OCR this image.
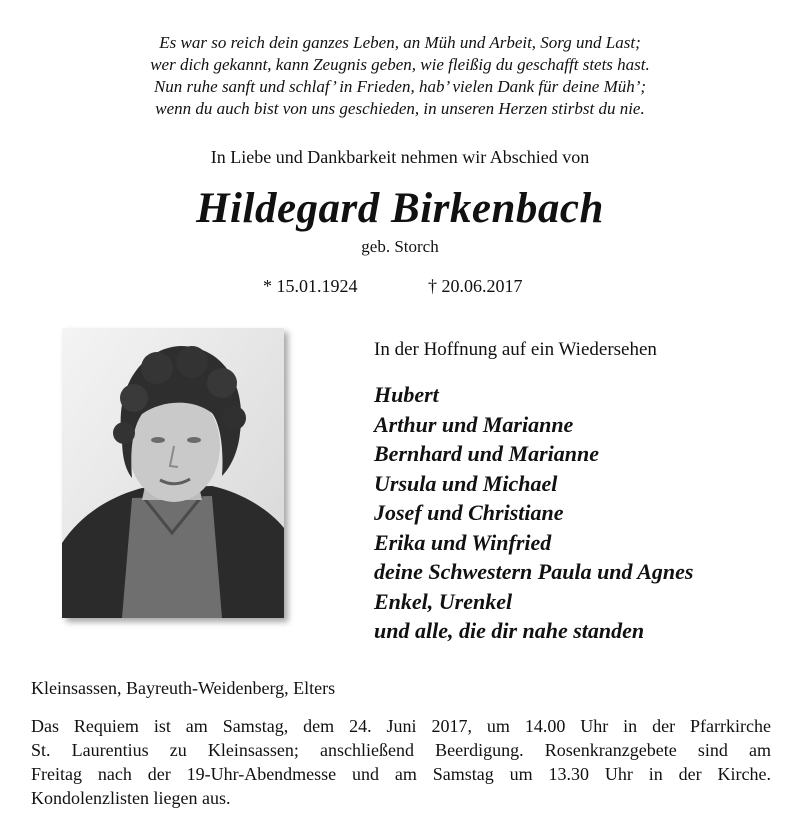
Es war so reich dein ganzes Leben, an Müh und Arbeit, Sorg und Last;
wer dich gekannt, kann Zeugnis geben, wie fleißig du geschafft stets hast.
Nun ruhe sanft und schlaf’ in Frieden, hab’ vielen Dank für deine Müh’;
wenn du auch bist von uns geschieden, in unseren Herzen stirbst du nie.
In Liebe und Dankbarkeit nehmen wir Abschied von
Hildegard Birkenbach
geb. Storch
* 15.01.1924	† 20.06.2017
In der Hoffnung auf ein Wiedersehen
Hubert
Arthur und Marianne
Bernhard und Marianne
Ursula und Michael
Josef und Christiane
Erika und Winfried
deine Schwestern Paula und Agnes
Enkel, Urenkel
und alle, die dir nahe standen
Kleinsassen, Bayreuth-Weidenberg, Elters
Das Requiem ist am Samstag, dem 24. Juni 2017, um 14.00 Uhr in der Pfarrkirche
St. Laurentius zu Kleinsassen; anschließend Beerdigung. Rosenkranzgebete sind am
Freitag nach der 19-Uhr-Abendmesse und am Samstag um 13.30 Uhr in der Kirche.
Kondolenzlisten liegen aus.
